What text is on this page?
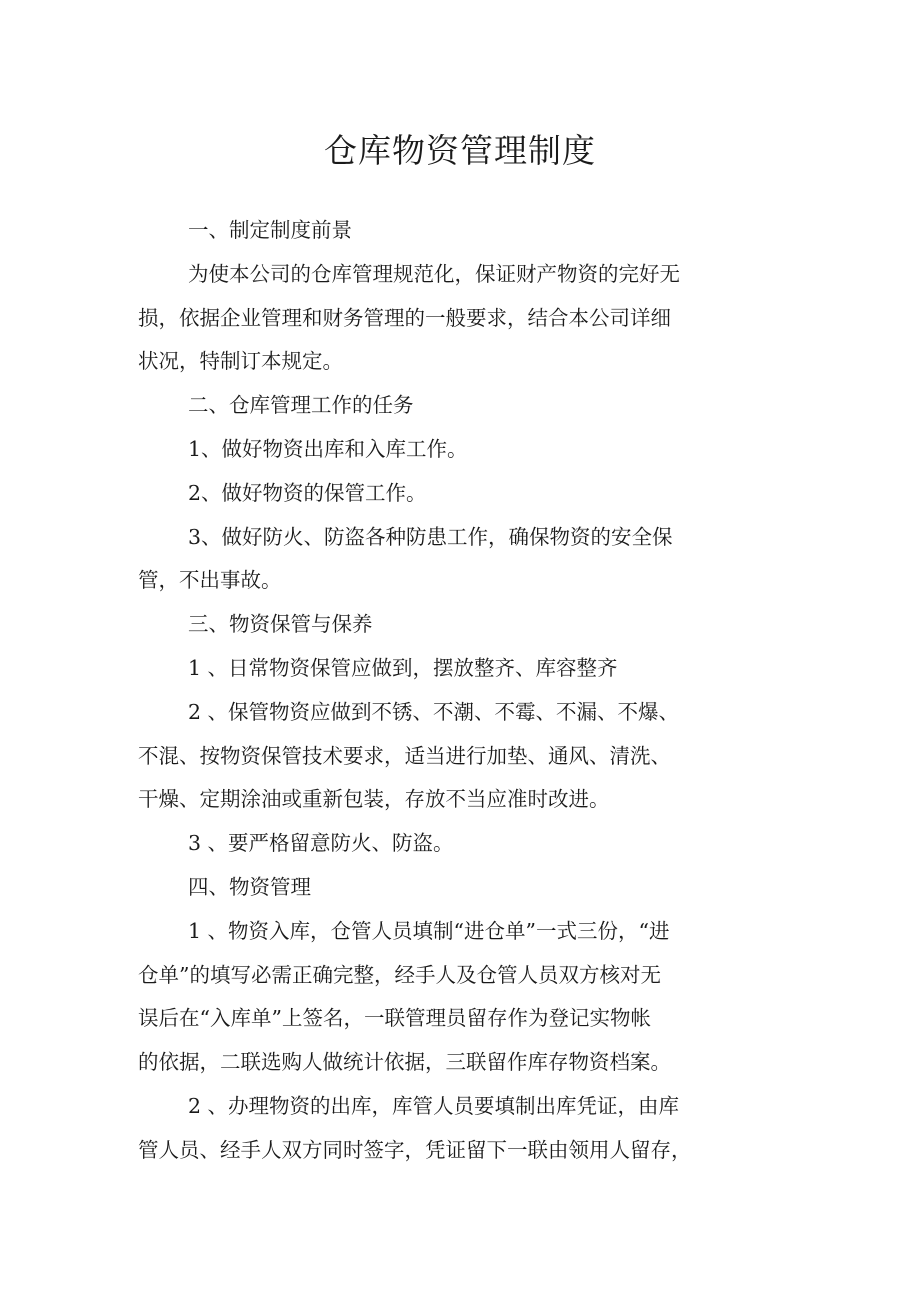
仓库物资管理制度

一、制定制度前景

为使本公司的仓库管理规范化，保证财产物资的完好无

损，依据企业管理和财务管理的一般要求，结合本公司详细

状况，特制订本规定。

二、仓库管理工作的任务

1、做好物资出库和入库工作。

2、做好物资的保管工作。

3、做好防火、防盗各种防患工作，确保物资的安全保

管，不出事故。

三、物资保管与保养

1 、日常物资保管应做到，摆放整齐、库容整齐

2 、保管物资应做到不锈、不潮、不霉、不漏、不爆、

不混、按物资保管技术要求，适当进行加垫、通风、清洗、

干燥、定期涂油或重新包装，存放不当应准时改进。

3 、要严格留意防火、防盗。

四、物资管理

1 、物资入库，仓管人员填制“进仓单”一式三份，“进

仓单”的填写必需正确完整，经手人及仓管人员双方核对无

误后在“入库单”上签名，一联管理员留存作为登记实物帐

的依据，二联选购人做统计依据，三联留作库存物资档案。

2 、办理物资的出库，库管人员要填制出库凭证，由库

管人员、经手人双方同时签字，凭证留下一联由领用人留存，
